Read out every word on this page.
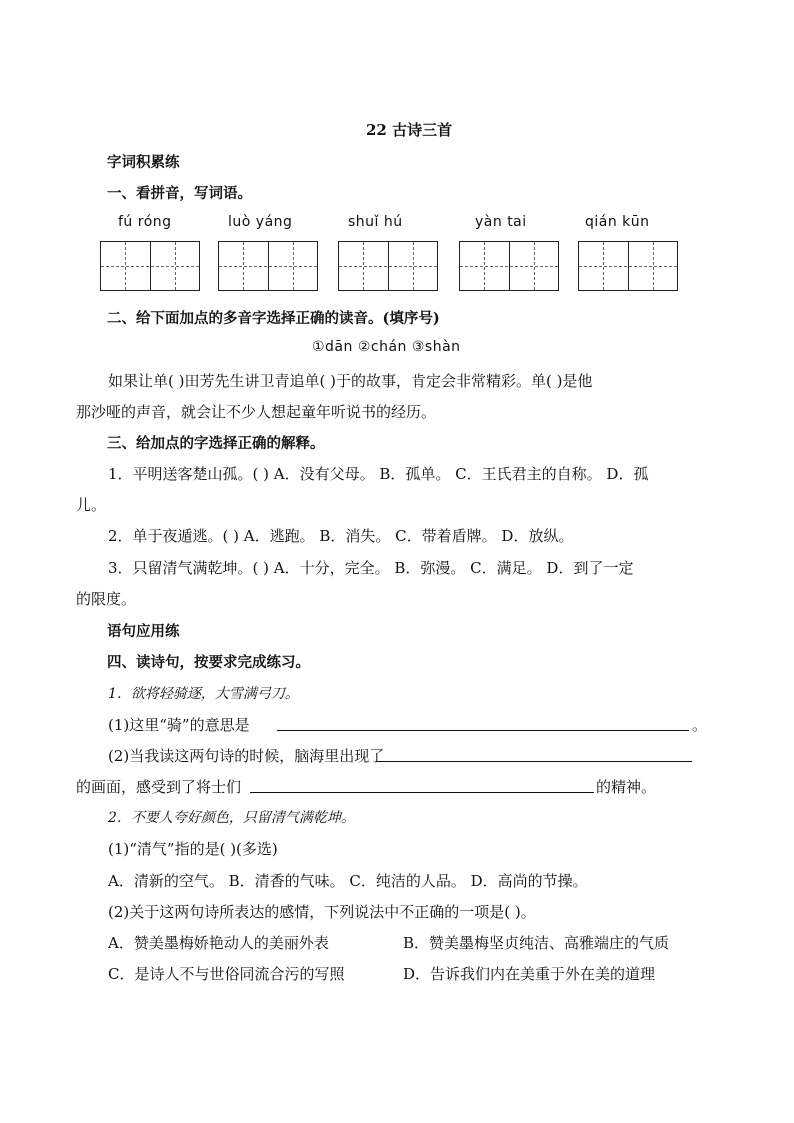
22 古诗三首
字词积累练
一、看拼音，写词语。
fú róng	luò yáng	shuǐ hú	yàn tai	qián kūn
二、给下面加点的多音字选择正确的读音。(填序号)
①dān ②chán ③shàn
如果让单( )田芳先生讲卫青追单( )于的故事，肯定会非常精彩。单( )是他
那沙哑的声音，就会让不少人想起童年听说书的经历。
三、给加点的字选择正确的解释。
1．平明送客楚山孤。( ) A．没有父母。 B．孤单。 C．王氏君主的自称。 D．孤
儿。
2．单于夜遁逃。( ) A．逃跑。 B．消失。 C．带着盾牌。 D．放纵。
3．只留清气满乾坤。( ) A．十分，完全。 B．弥漫。 C．满足。 D．到了一定
的限度。
语句应用练
四、读诗句，按要求完成练习。
1．欲将轻骑逐，大雪满弓刀。
(1)这里“骑”的意思是	。
(2)当我读这两句诗的时候，脑海里出现了
的画面，感受到了将士们	的精神。
2．不要人夸好颜色，只留清气满乾坤。
(1)“清气”指的是( )(多选)
A．清新的空气。 B．清香的气味。 C．纯洁的人品。 D．高尚的节操。
(2)关于这两句诗所表达的感情，下列说法中不正确的一项是( )。
A．赞美墨梅娇艳动人的美丽外表	B．赞美墨梅坚贞纯洁、高雅端庄的气质
C．是诗人不与世俗同流合污的写照	D．告诉我们内在美重于外在美的道理
